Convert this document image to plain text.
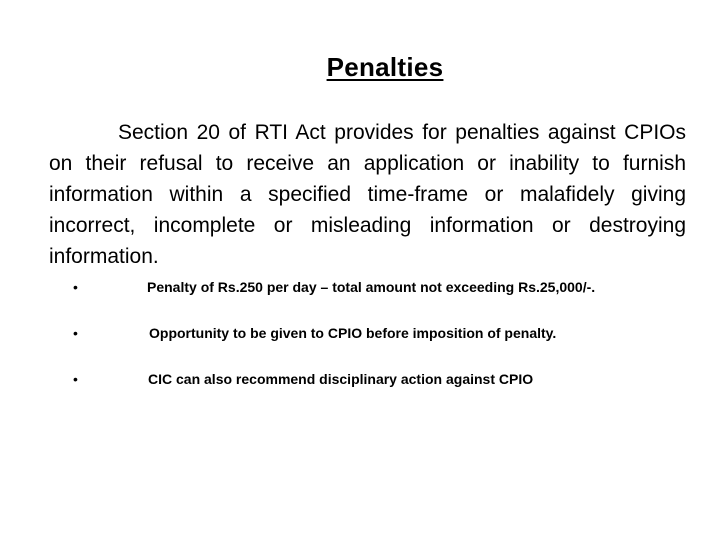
Penalties

Section 20 of RTI Act provides for penalties against CPIOs on their refusal to receive an application or inability to furnish information within a specified time-frame or malafidely giving incorrect, incomplete or misleading information or destroying information.

•	Penalty of Rs.250 per day – total amount not exceeding Rs.25,000/-.
•	Opportunity to be given to CPIO before imposition of penalty.
•	CIC can also recommend disciplinary action against CPIO
